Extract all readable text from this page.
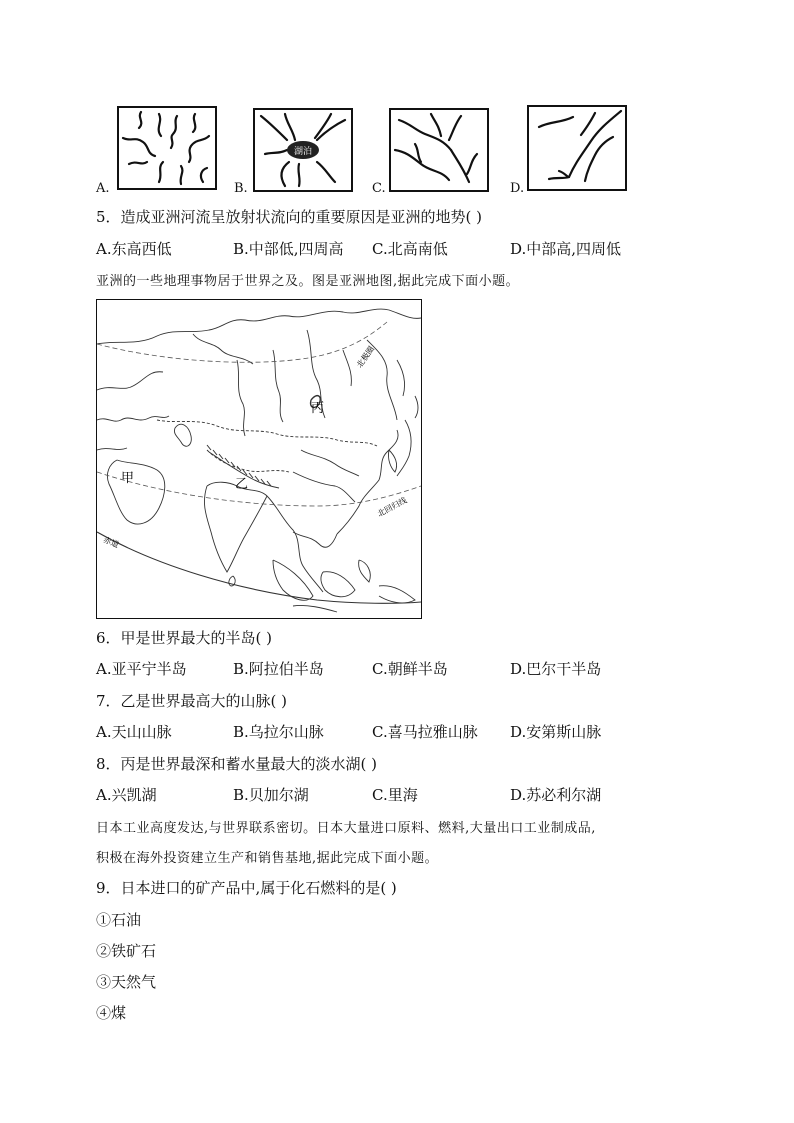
A.	B.
湖泊
C.	D.
5．造成亚洲河流呈放射状流向的重要原因是亚洲的地势( )
A.东高西低	B.中部低,四周高 C.北高南低	D.中部高,四周低
亚洲的一些地理事物居于世界之及。图是亚洲地图,据此完成下面小题。
甲	乙
丙
北极圈
北回归线
赤道
6．甲是世界最大的半岛( )
A.亚平宁半岛	B.阿拉伯半岛	C.朝鲜半岛	D.巴尔干半岛
7．乙是世界最高大的山脉( )
A.天山山脉	B.乌拉尔山脉	C.喜马拉雅山脉 D.安第斯山脉
8．丙是世界最深和蓄水量最大的淡水湖( )
A.兴凯湖	B.贝加尔湖	C.里海	D.苏必利尔湖
日本工业高度发达,与世界联系密切。日本大量进口原料、燃料,大量出口工业制成品,
积极在海外投资建立生产和销售基地,据此完成下面小题。
9．日本进口的矿产品中,属于化石燃料的是( )
①石油
②铁矿石
③天然气
④煤
